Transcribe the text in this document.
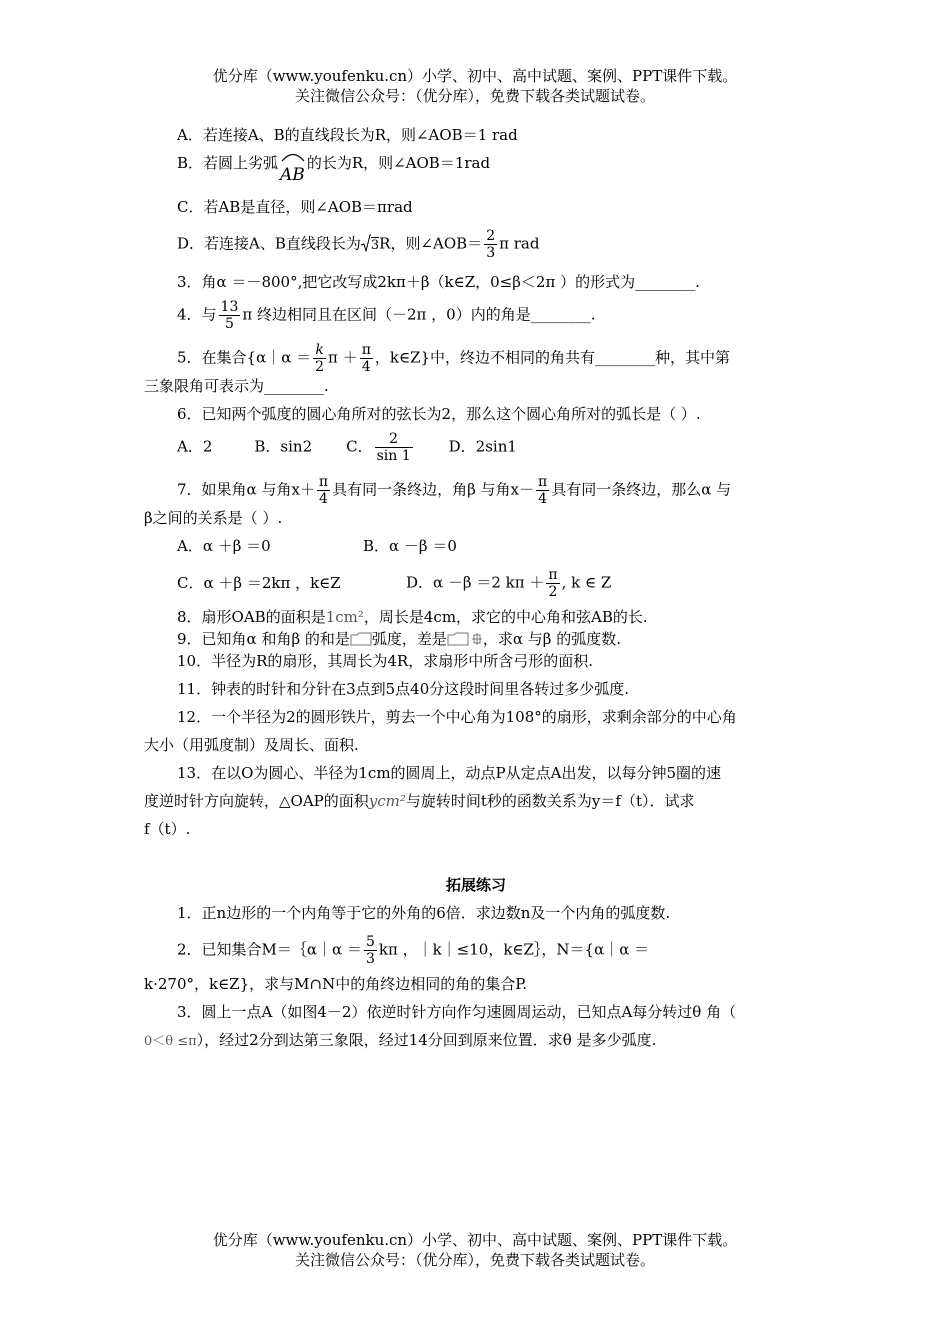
优分库（www.youfenku.cn）小学、初中、高中试题、案例、PPT课件下载。
关注微信公众号：（优分库），免费下载各类试题试卷。
A．若连接A、B的直线段长为R，则∠AOB＝1 rad
B．若圆上劣弧
AB的长为R，则∠AOB＝1rad
C．若AB是直径，则∠AOB＝πrad
D．若连接A、B直线段长为 3R，则∠AOB＝ $\frac{2}{3}$ π rad
3．角α ＝－800°,把它改写成2kπ＋β（k∈Z，0≤β＜2π ）的形式为________.
4．与 $\frac{13}{5}$ π 终边相同且在区间（－2π ，0）内的角是________.
5．在集合{α｜α ＝ $\frac{k}{2}$ $\pi + \frac{\pi}{4}$ ，k∈Z}中，终边不相同的角共有________种，其中第
三象限角可表示为________.
6．已知两个弧度的圆心角所对的弦长为2，那么这个圆心角所对的弧长是（ ）.
A．2	B．sin2 C． $\frac{2}{\sin 1}$ D．2sin1
7．如果角α 与角$x+ \frac{\pi}{4}$ 具有同一条终边，角β 与角$x- \frac{\pi}{4}$ 具有同一条终边，那么α 与
β之间的关系是（ ）.
A．α ＋β ＝0	B．α －β ＝0
C．α ＋β ＝2kπ ，k∈Z	D．α －β ＝2 $k\pi + \frac{\pi}{2}$ , k ∈ Z
8．扇形OAB的面积是1cm²，周长是4cm，求它的中心角和弦AB的长.
9．已知角α 和角β 的和是 弧度，差是 ，求α 与β 的弧度数.
10．半径为R的扇形，其周长为4R，求扇形中所含弓形的面积.
11．钟表的时针和分针在3点到5点40分这段时间里各转过多少弧度.
12．一个半径为2的圆形铁片，剪去一个中心角为108°的扇形，求剩余部分的中心角
大小（用弧度制）及周长、面积.
13．在以O为圆心、半径为1cm的圆周上，动点P从定点A出发，以每分钟5圈的速
度逆时针方向旋转，△OAP的面积ycm²与旋转时间t秒的函数关系为y＝f（t）．试求
f（t）.
拓展练习
1．正n边形的一个内角等于它的外角的6倍．求边数n及一个内角的弧度数.
2．已知集合M＝｛α｜α ＝ $\frac{5}{3}$ kπ ，｜k｜≤10，k∈Z｝，N＝{α｜α ＝
k·270°，k∈Z}，求与M∩N中的角终边相同的角的集合P.
3．圆上一点A（如图4－2）依逆时针方向作匀速圆周运动，已知点A每分转过θ 角（
0＜θ ≤π），经过2分到达第三象限，经过14分回到原来位置．求θ 是多少弧度.
优分库（www.youfenku.cn）小学、初中、高中试题、案例、PPT课件下载。
关注微信公众号：（优分库），免费下载各类试题试卷。
